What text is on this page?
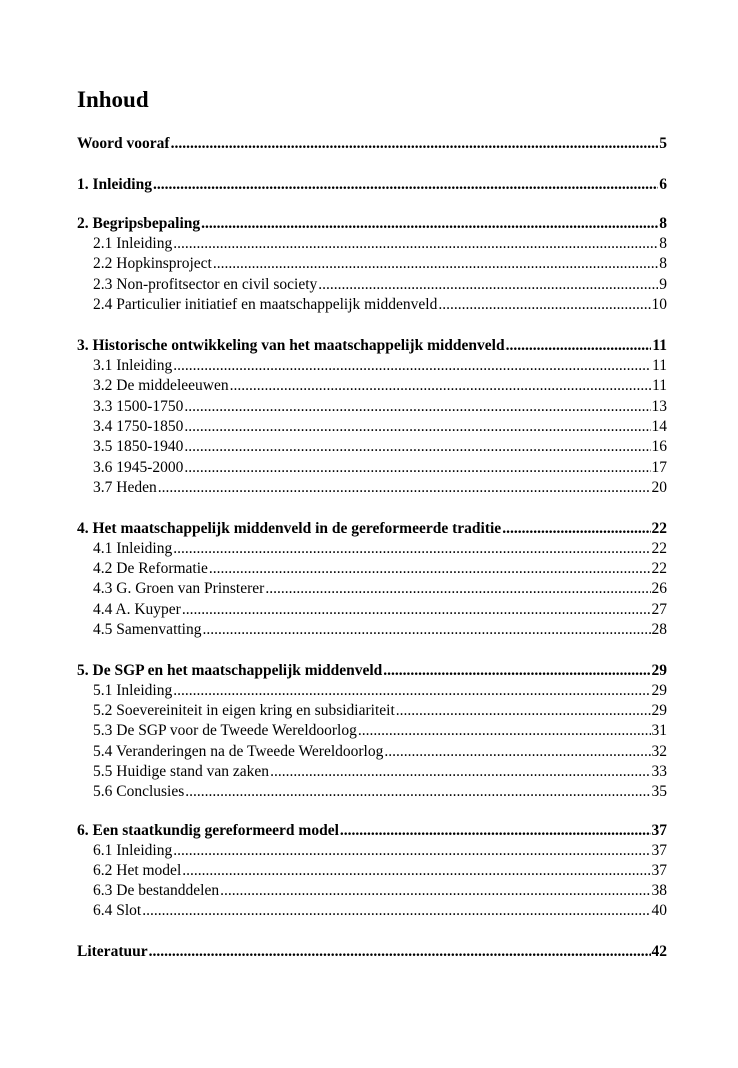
Inhoud
Woord vooraf .....	5
1. Inleiding .....	6
2. Begripsbepaling .....	8
2.1 Inleiding .....	8
2.2 Hopkinsproject .....	8
2.3 Non-profitsector en civil society .....	9
2.4 Particulier initiatief en maatschappelijk middenveld .....	10
3. Historische ontwikkeling van het maatschappelijk middenveld .....	11
3.1 Inleiding .....	11
3.2 De middeleeuwen .....	11
3.3 1500-1750 .....	13
3.4 1750-1850 .....	14
3.5 1850-1940 .....	16
3.6 1945-2000 .....	17
3.7 Heden .....	20
4. Het maatschappelijk middenveld in de gereformeerde traditie .....	22
4.1 Inleiding .....	22
4.2 De Reformatie .....	22
4.3 G. Groen van Prinsterer .....	26
4.4 A. Kuyper .....	27
4.5 Samenvatting .....	28
5. De SGP en het maatschappelijk middenveld .....	29
5.1 Inleiding .....	29
5.2 Soevereiniteit in eigen kring en subsidiariteit .....	29
5.3 De SGP voor de Tweede Wereldoorlog .....	31
5.4 Veranderingen na de Tweede Wereldoorlog .....	32
5.5 Huidige stand van zaken .....	33
5.6 Conclusies .....	35
6. Een staatkundig gereformeerd model .....	37
6.1 Inleiding .....	37
6.2 Het model .....	37
6.3 De bestanddelen .....	38
6.4 Slot .....	40
Literatuur .....	42
